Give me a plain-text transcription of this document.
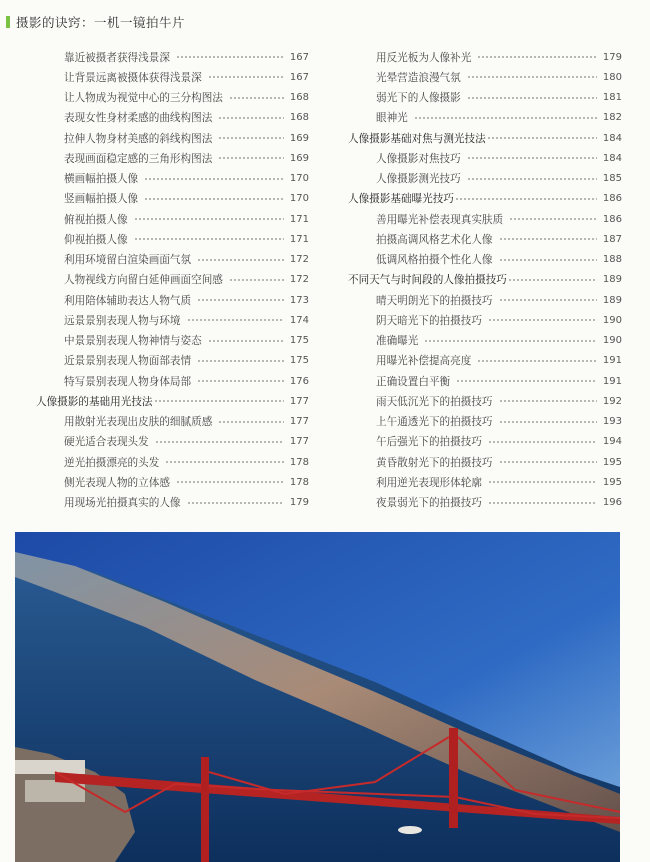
摄影的诀窍：一机一镜拍牛片
靠近被摄者获得浅景深	167
让背景远离被摄体获得浅景深	167
让人物成为视觉中心的三分构图法	168
表现女性身材柔感的曲线构图法	168
拉伸人物身材美感的斜线构图法	169
表现画面稳定感的三角形构图法	169
横画幅拍摄人像	170
竖画幅拍摄人像	170
俯视拍摄人像	171
仰视拍摄人像	171
利用环境留白渲染画面气氛	172
人物视线方向留白延伸画面空间感	172
利用陪体辅助表达人物气质	173
远景景别表现人物与环境	174
中景景别表现人物神情与姿态	175
近景景别表现人物面部表情	175
特写景别表现人物身体局部	176
人像摄影的基础用光技法	177
用散射光表现出皮肤的细腻质感	177
硬光适合表现头发	177
逆光拍摄漂亮的头发	178
侧光表现人物的立体感	178
用现场光拍摄真实的人像	179
用反光板为人像补光	179
光晕营造浪漫气氛	180
弱光下的人像摄影	181
眼神光	182
人像摄影基础对焦与测光技法	184
人像摄影对焦技巧	184
人像摄影测光技巧	185
人像摄影基础曝光技巧	186
善用曝光补偿表现真实肤质	186
拍摄高调风格艺术化人像	187
低调风格拍摄个性化人像	188
不同天气与时间段的人像拍摄技巧	189
晴天明朗光下的拍摄技巧	189
阴天暗光下的拍摄技巧	190
准确曝光	190
用曝光补偿提高亮度	191
正确设置白平衡	191
雨天低沉光下的拍摄技巧	192
上午通透光下的拍摄技巧	193
午后强光下的拍摄技巧	194
黄昏散射光下的拍摄技巧	195
利用逆光表现形体轮廓	195
夜景弱光下的拍摄技巧	196
